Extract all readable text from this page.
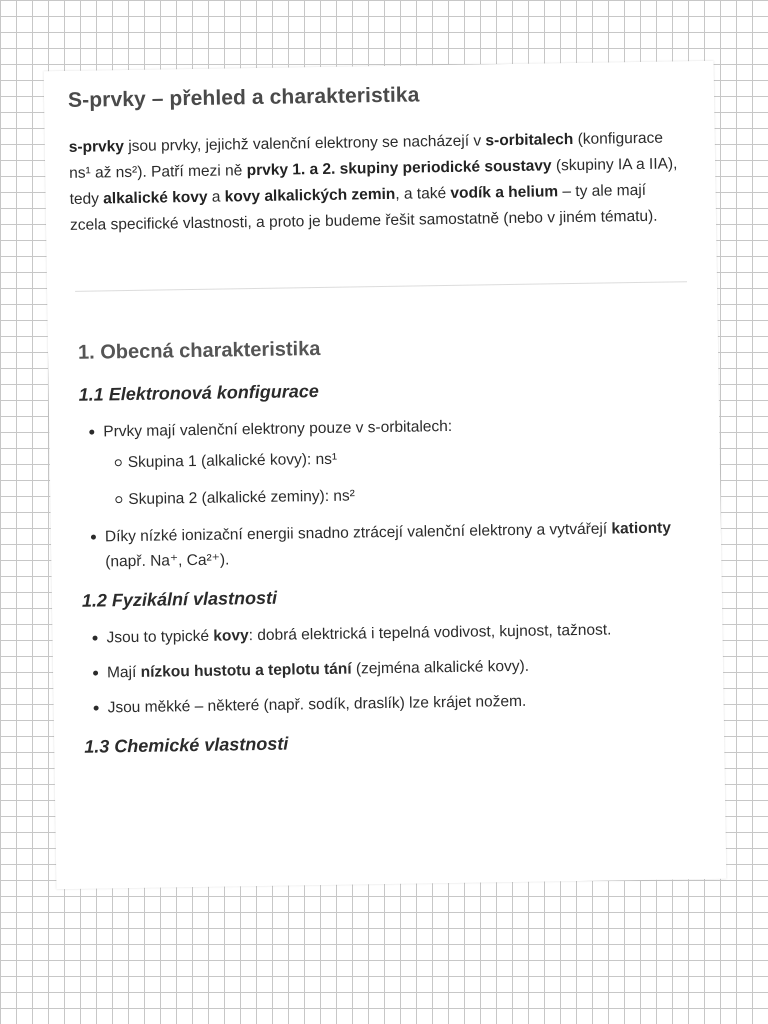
S-prvky – přehled a charakteristika

s-prvky jsou prvky, jejichž valenční elektrony se nacházejí v s-orbitalech (konfigurace ns¹ až ns²). Patří mezi ně prvky 1. a 2. skupiny periodické soustavy (skupiny IA a IIA), tedy alkalické kovy a kovy alkalických zemin, a také vodík a helium – ty ale mají zcela specifické vlastnosti, a proto je budeme řešit samostatně (nebo v jiném tématu).

1. Obecná charakteristika
1.1 Elektronová konfigurace
Prvky mají valenční elektrony pouze v s-orbitalech:
Skupina 1 (alkalické kovy): ns¹
Skupina 2 (alkalické zeminy): ns²
Díky nízké ionizační energii snadno ztrácejí valenční elektrony a vytvářejí kationty (např. Na⁺, Ca²⁺).
1.2 Fyzikální vlastnosti
Jsou to typické kovy: dobrá elektrická i tepelná vodivost, kujnost, tažnost.
Mají nízkou hustotu a teplotu tání (zejména alkalické kovy).
Jsou měkké – některé (např. sodík, draslík) lze krájet nožem.
1.3 Chemické vlastnosti
